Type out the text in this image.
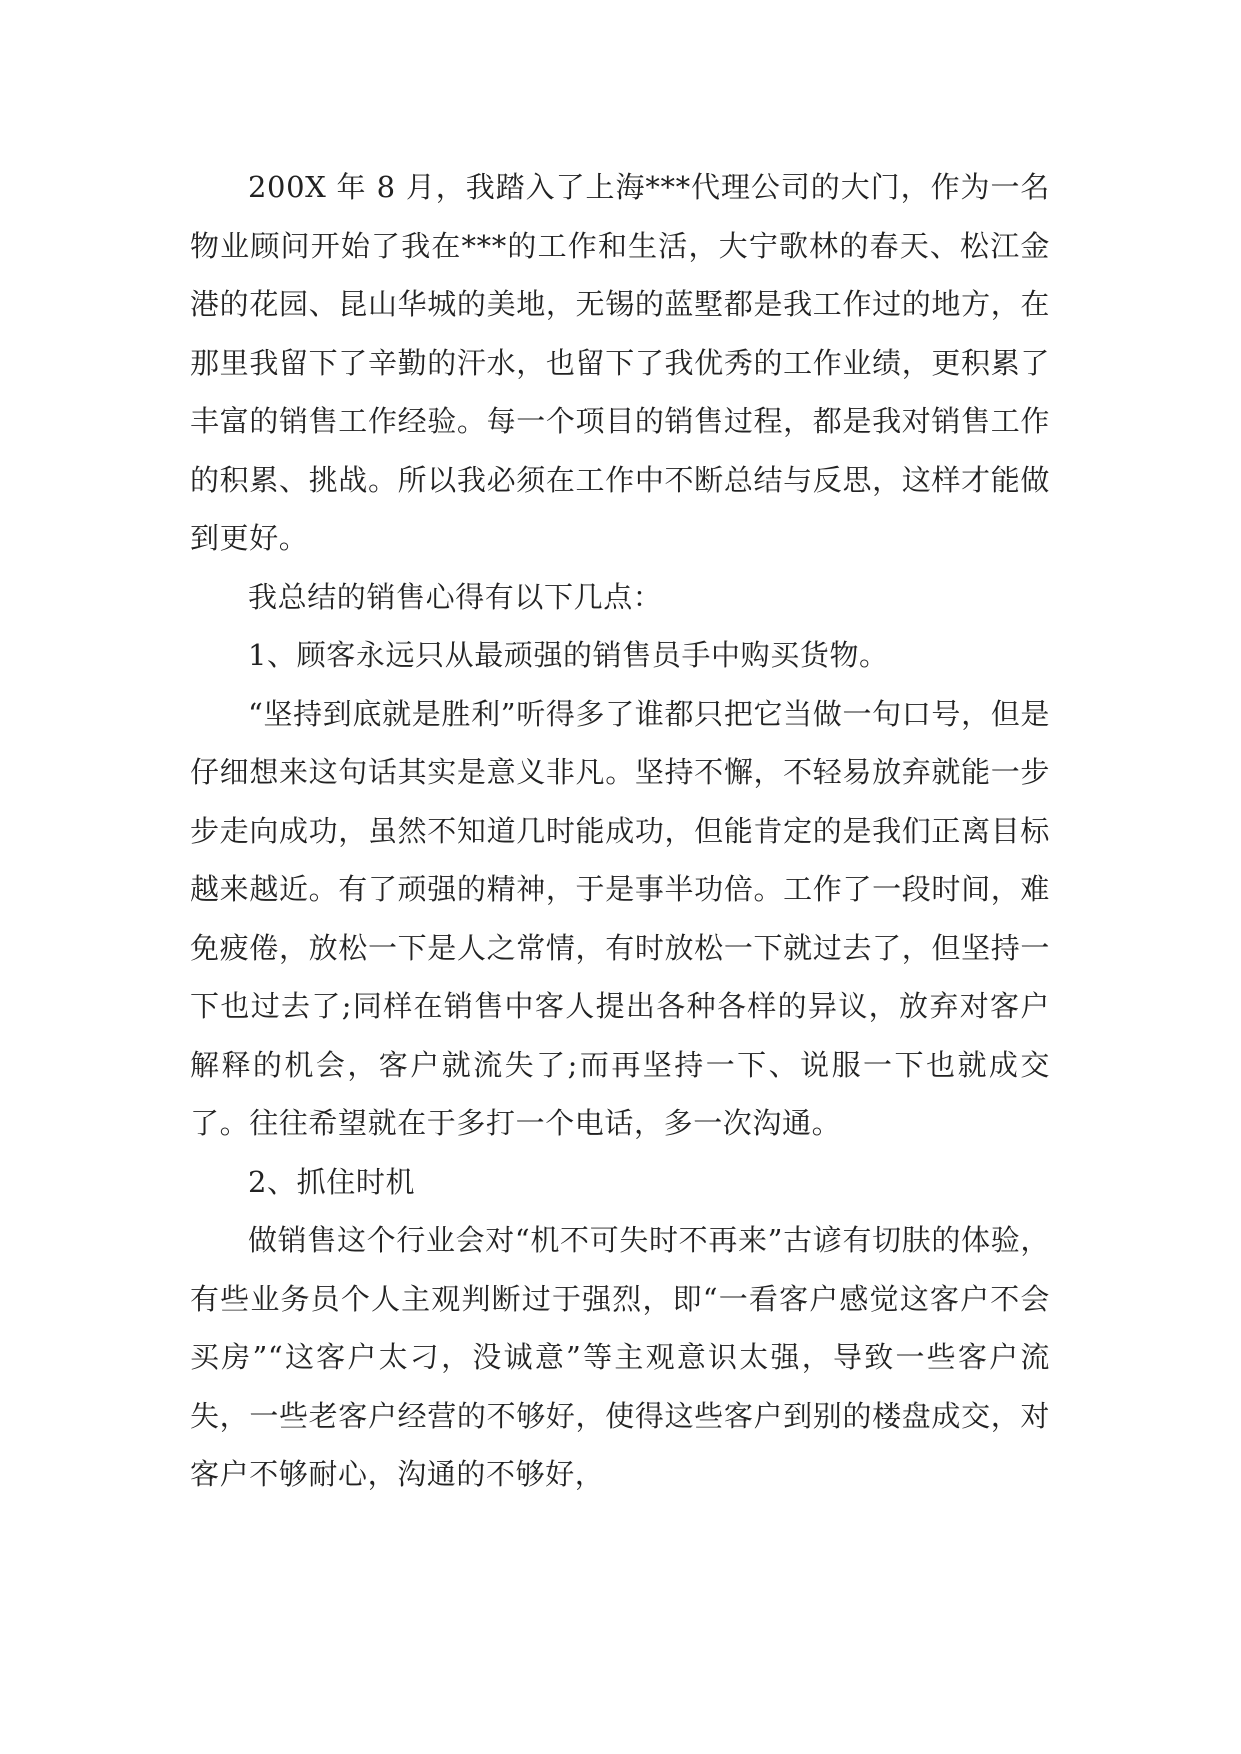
200X 年 8 月，我踏入了上海***代理公司的大门，作为一名物业顾问开始了我在***的工作和生活，大宁歌林的春天、松江金港的花园、昆山华城的美地，无锡的蓝墅都是我工作过的地方，在那里我留下了辛勤的汗水，也留下了我优秀的工作业绩，更积累了丰富的销售工作经验。每一个项目的销售过程，都是我对销售工作的积累、挑战。所以我必须在工作中不断总结与反思，这样才能做到更好。

我总结的销售心得有以下几点：

1、顾客永远只从最顽强的销售员手中购买货物。

“坚持到底就是胜利”听得多了谁都只把它当做一句口号，但是仔细想来这句话其实是意义非凡。坚持不懈，不轻易放弃就能一步步走向成功，虽然不知道几时能成功，但能肯定的是我们正离目标越来越近。有了顽强的精神，于是事半功倍。工作了一段时间，难免疲倦，放松一下是人之常情，有时放松一下就过去了，但坚持一下也过去了;同样在销售中客人提出各种各样的异议，放弃对客户解释的机会，客户就流失了;而再坚持一下、说服一下也就成交了。往往希望就在于多打一个电话，多一次沟通。

2、抓住时机

做销售这个行业会对“机不可失时不再来”古谚有切肤的体验，有些业务员个人主观判断过于强烈，即“一看客户感觉这客户不会买房”“这客户太刁，没诚意”等主观意识太强，导致一些客户流失，一些老客户经营的不够好，使得这些客户到别的楼盘成交，对客户不够耐心，沟通的不够好，
